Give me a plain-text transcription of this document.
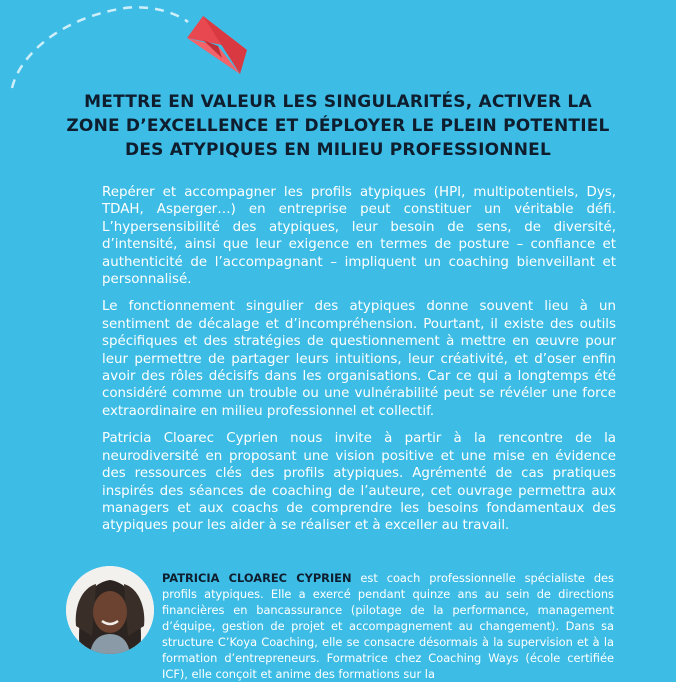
METTRE EN VALEUR LES SINGULARITÉS, ACTIVER LA
ZONE D’EXCELLENCE ET DÉPLOYER LE PLEIN POTENTIEL
DES ATYPIQUES EN MILIEU PROFESSIONNEL

Repérer et accompagner les profils atypiques (HPI, multipotentiels, Dys, TDAH, Asperger…) en entreprise peut constituer un véritable défi. L’hypersensibilité des atypiques, leur besoin de sens, de diversité, d’intensité, ainsi que leur exigence en termes de posture – confiance et authenticité de l’accompagnant – impliquent un coaching bienveillant et personnalisé.

Le fonctionnement singulier des atypiques donne souvent lieu à un sentiment de décalage et d’incompréhension. Pourtant, il existe des outils spécifiques et des stratégies de questionnement à mettre en œuvre pour leur permettre de partager leurs intuitions, leur créativité, et d’oser enfin avoir des rôles décisifs dans les organisations. Car ce qui a longtemps été considéré comme un trouble ou une vulnérabilité peut se révéler une force extraordinaire en milieu professionnel et collectif.

Patricia Cloarec Cyprien nous invite à partir à la rencontre de la neurodiversité en proposant une vision positive et une mise en évidence des ressources clés des profils atypiques. Agrémenté de cas pratiques inspirés des séances de coaching de l’auteure, cet ouvrage permettra aux managers et aux coachs de comprendre les besoins fondamentaux des atypiques pour les aider à se réaliser et à exceller au travail.

PATRICIA CLOAREC CYPRIEN est coach professionnelle spécialiste des profils atypiques. Elle a exercé pendant quinze ans au sein de directions financières en bancassurance (pilotage de la performance, management d’équipe, gestion de projet et accompagnement au changement). Dans sa structure C’Koya Coaching, elle se consacre désormais à la supervision et à la formation d’entrepreneurs. Formatrice chez Coaching Ways (école certifiée ICF), elle conçoit et anime des formations sur la
